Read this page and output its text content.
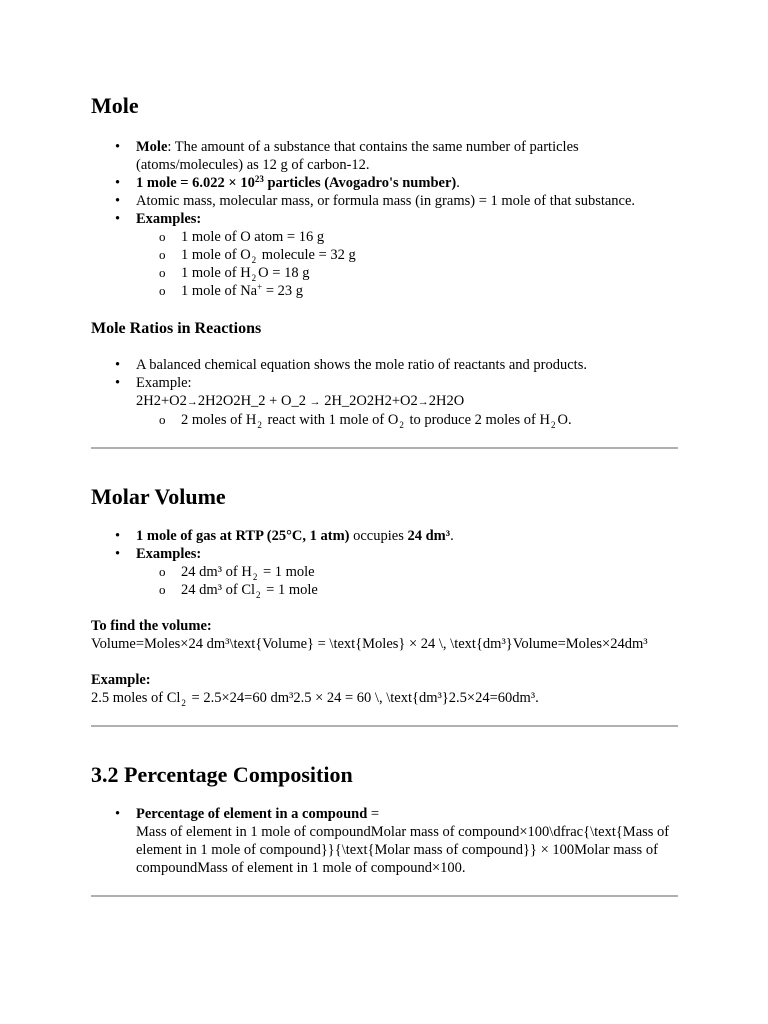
Mole
• Mole: The amount of a substance that contains the same number of particles (atoms/molecules) as 12 g of carbon-12.
• 1 mole = $6.022 \times 10^{23}$ particles (Avogadro's number).
• Atomic mass, molecular mass, or formula mass (in grams) = 1 mole of that substance.
• Examples:
o 1 mole of O atom = 16 g
o 1 mole of $O_2$ molecule = 32 g
o 1 mole of $H_2$ O = 18 g
o 1 mole of Na+ = 23 g
Mole Ratios in Reactions
• A balanced chemical equation shows the mole ratio of reactants and products.
• Example:
2H2+O2→2H2O2H_2 + O_2 → 2H_2O2H2+O2→2H2O
o 2 moles of $H_2$ react with 1 mole of $O_2$ to produce 2 moles of $H_2$ O.
Molar Volume
• 1 mole of gas at RTP (25°C, 1 atm) occupies 24 dm³.
• Examples:
o 24 dm³ of $H_2 = 1$ mole
o 24 dm³ of $Cl_2 = 1$ mole

To find the volume:

Volume=Moles×24 dm³\text{Volume} = \text{Moles} × 24 \, \text{dm³}Volume=Moles×24dm³

Example:

2.5 moles of $Cl_2 = 2.5\times 24=60$ dm³2.5 × 24 = 60 \, \text{dm³}2.5×24=60dm³.

3.2 Percentage Composition
• Percentage of element in a compound =
Mass of element in 1 mole of compoundMolar mass of compound×100\dfrac{\text{Mass of element in 1 mole of compound}}{\text{Molar mass of compound}} × 100Molar mass of compoundMass of element in 1 mole of compound×100.
